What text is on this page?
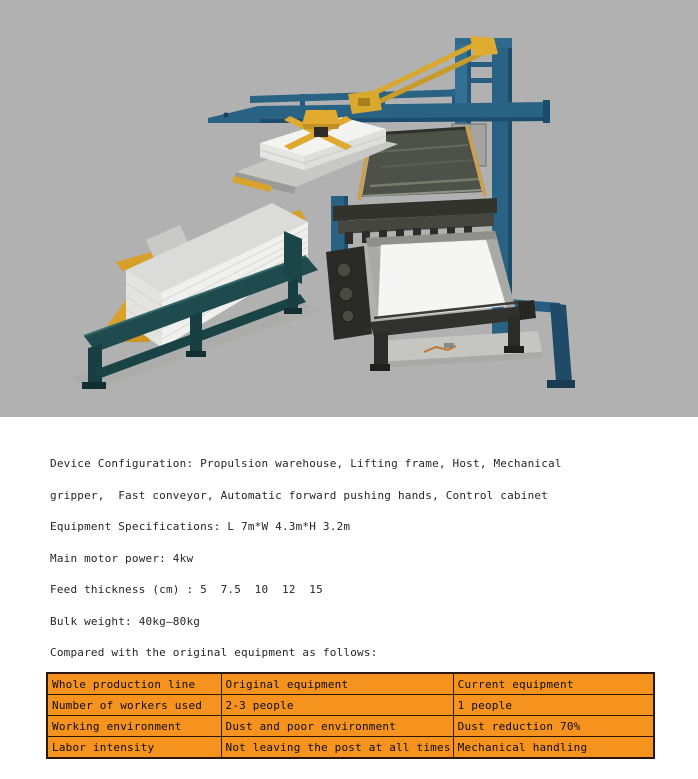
Device Configuration: Propulsion warehouse, Lifting frame, Host, Mechanical

gripper,  Fast conveyor, Automatic forward pushing hands, Control cabinet

Equipment Specifications: L 7m*W 4.3m*H 3.2m

Main motor power: 4kw

Feed thickness (cm) : 5  7.5  10  12  15

Bulk weight: 40kg—80kg

Compared with the original equipment as follows:

Whole production line	Original equipment	Current equipment
Number of workers used	2-3 people	1 people
Working environment	Dust and poor environment	Dust reduction 70%
Labor intensity	Not leaving the post at all times	Mechanical handling
